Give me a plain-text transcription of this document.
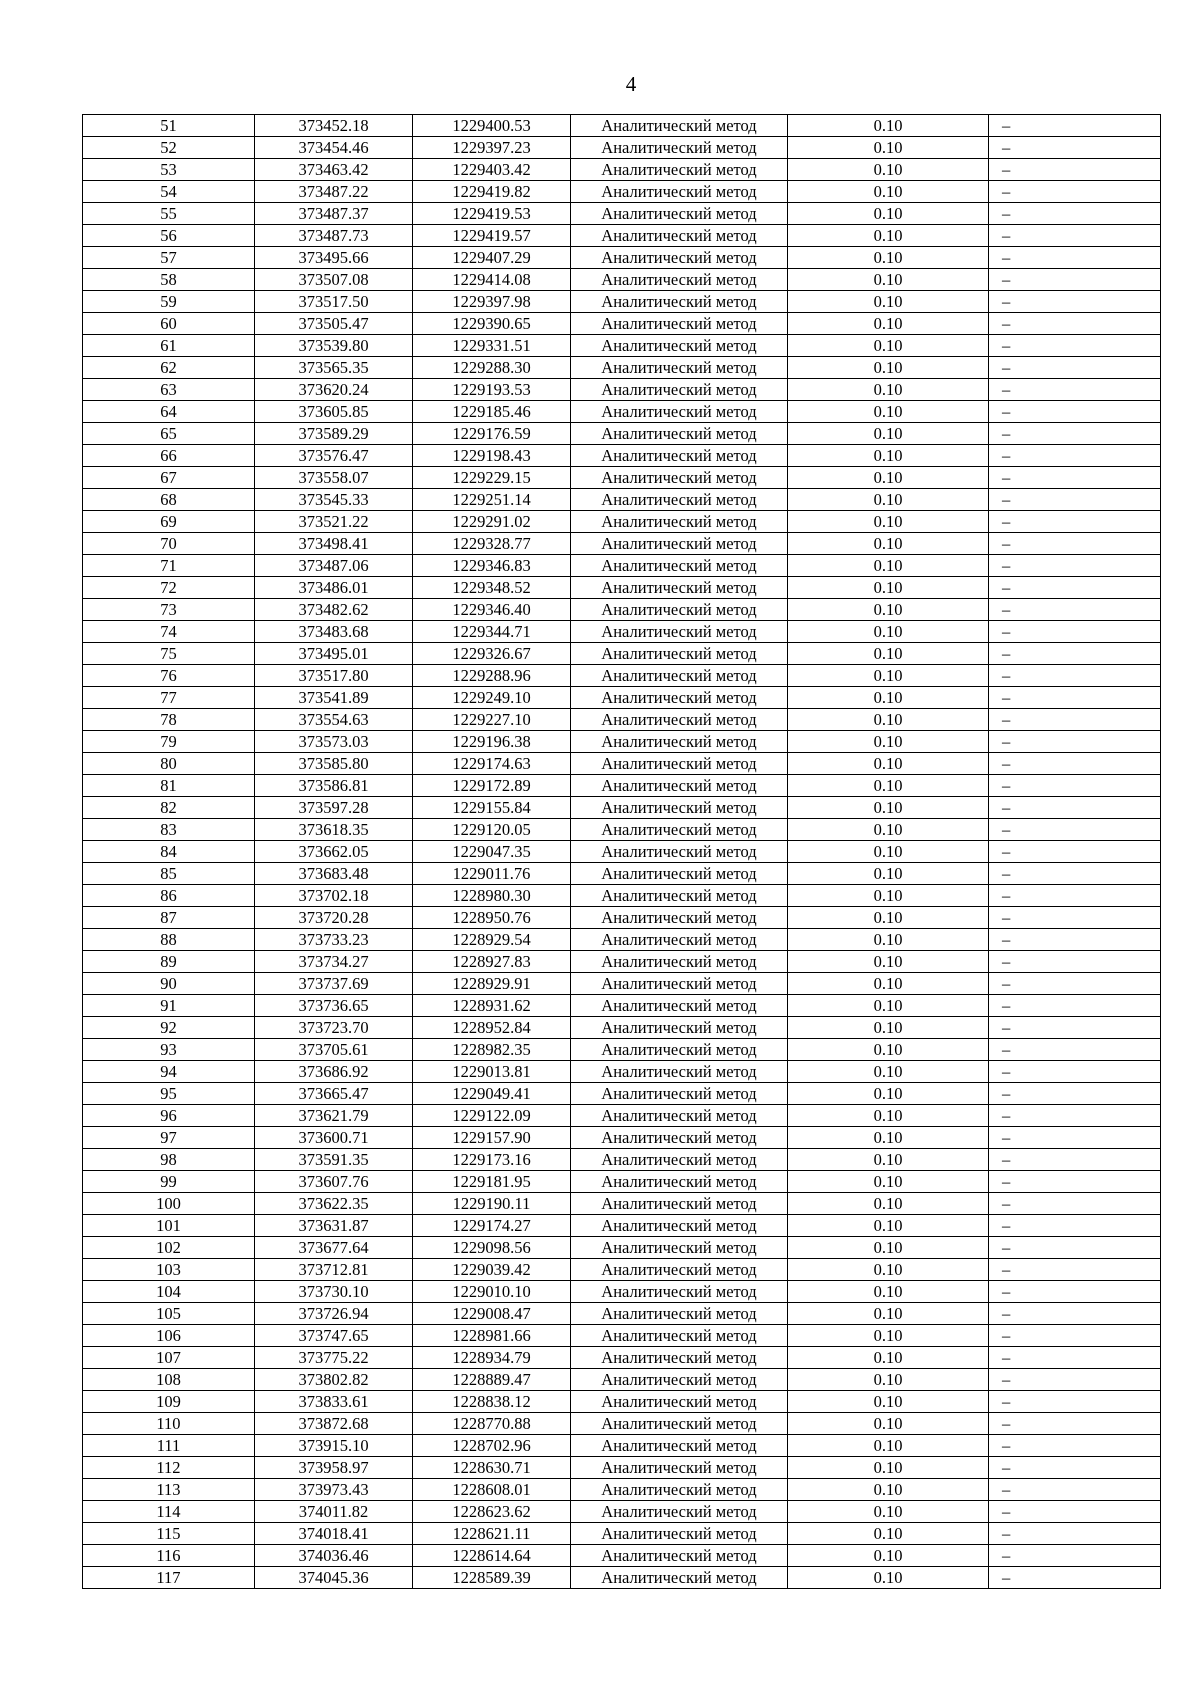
4
51	373452.18	1229400.53	Аналитический метод	0.10	–
52	373454.46	1229397.23	Аналитический метод	0.10	–
53	373463.42	1229403.42	Аналитический метод	0.10	–
54	373487.22	1229419.82	Аналитический метод	0.10	–
55	373487.37	1229419.53	Аналитический метод	0.10	–
56	373487.73	1229419.57	Аналитический метод	0.10	–
57	373495.66	1229407.29	Аналитический метод	0.10	–
58	373507.08	1229414.08	Аналитический метод	0.10	–
59	373517.50	1229397.98	Аналитический метод	0.10	–
60	373505.47	1229390.65	Аналитический метод	0.10	–
61	373539.80	1229331.51	Аналитический метод	0.10	–
62	373565.35	1229288.30	Аналитический метод	0.10	–
63	373620.24	1229193.53	Аналитический метод	0.10	–
64	373605.85	1229185.46	Аналитический метод	0.10	–
65	373589.29	1229176.59	Аналитический метод	0.10	–
66	373576.47	1229198.43	Аналитический метод	0.10	–
67	373558.07	1229229.15	Аналитический метод	0.10	–
68	373545.33	1229251.14	Аналитический метод	0.10	–
69	373521.22	1229291.02	Аналитический метод	0.10	–
70	373498.41	1229328.77	Аналитический метод	0.10	–
71	373487.06	1229346.83	Аналитический метод	0.10	–
72	373486.01	1229348.52	Аналитический метод	0.10	–
73	373482.62	1229346.40	Аналитический метод	0.10	–
74	373483.68	1229344.71	Аналитический метод	0.10	–
75	373495.01	1229326.67	Аналитический метод	0.10	–
76	373517.80	1229288.96	Аналитический метод	0.10	–
77	373541.89	1229249.10	Аналитический метод	0.10	–
78	373554.63	1229227.10	Аналитический метод	0.10	–
79	373573.03	1229196.38	Аналитический метод	0.10	–
80	373585.80	1229174.63	Аналитический метод	0.10	–
81	373586.81	1229172.89	Аналитический метод	0.10	–
82	373597.28	1229155.84	Аналитический метод	0.10	–
83	373618.35	1229120.05	Аналитический метод	0.10	–
84	373662.05	1229047.35	Аналитический метод	0.10	–
85	373683.48	1229011.76	Аналитический метод	0.10	–
86	373702.18	1228980.30	Аналитический метод	0.10	–
87	373720.28	1228950.76	Аналитический метод	0.10	–
88	373733.23	1228929.54	Аналитический метод	0.10	–
89	373734.27	1228927.83	Аналитический метод	0.10	–
90	373737.69	1228929.91	Аналитический метод	0.10	–
91	373736.65	1228931.62	Аналитический метод	0.10	–
92	373723.70	1228952.84	Аналитический метод	0.10	–
93	373705.61	1228982.35	Аналитический метод	0.10	–
94	373686.92	1229013.81	Аналитический метод	0.10	–
95	373665.47	1229049.41	Аналитический метод	0.10	–
96	373621.79	1229122.09	Аналитический метод	0.10	–
97	373600.71	1229157.90	Аналитический метод	0.10	–
98	373591.35	1229173.16	Аналитический метод	0.10	–
99	373607.76	1229181.95	Аналитический метод	0.10	–
100	373622.35	1229190.11	Аналитический метод	0.10	–
101	373631.87	1229174.27	Аналитический метод	0.10	–
102	373677.64	1229098.56	Аналитический метод	0.10	–
103	373712.81	1229039.42	Аналитический метод	0.10	–
104	373730.10	1229010.10	Аналитический метод	0.10	–
105	373726.94	1229008.47	Аналитический метод	0.10	–
106	373747.65	1228981.66	Аналитический метод	0.10	–
107	373775.22	1228934.79	Аналитический метод	0.10	–
108	373802.82	1228889.47	Аналитический метод	0.10	–
109	373833.61	1228838.12	Аналитический метод	0.10	–
110	373872.68	1228770.88	Аналитический метод	0.10	–
111	373915.10	1228702.96	Аналитический метод	0.10	–
112	373958.97	1228630.71	Аналитический метод	0.10	–
113	373973.43	1228608.01	Аналитический метод	0.10	–
114	374011.82	1228623.62	Аналитический метод	0.10	–
115	374018.41	1228621.11	Аналитический метод	0.10	–
116	374036.46	1228614.64	Аналитический метод	0.10	–
117	374045.36	1228589.39	Аналитический метод	0.10	–
